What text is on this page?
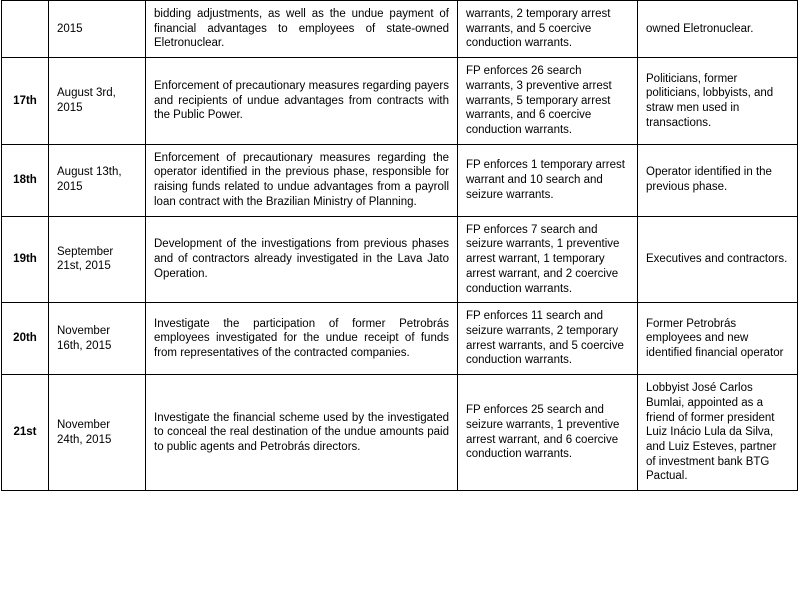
	2015	bidding adjustments, as well as the undue payment of financial advantages to employees of state-owned Eletronuclear.	warrants, 2 temporary arrest warrants, and 5 coercive conduction warrants.	owned Eletronuclear.
17th	August 3rd, 2015	Enforcement of precautionary measures regarding payers and recipients of undue advantages from contracts with the Public Power.	FP enforces 26 search warrants, 3 preventive arrest warrants, 5 temporary arrest warrants, and 6 coercive conduction warrants.	Politicians, former politicians, lobbyists, and straw men used in transactions.
18th	August 13th, 2015	Enforcement of precautionary measures regarding the operator identified in the previous phase, responsible for raising funds related to undue advantages from a payroll loan contract with the Brazilian Ministry of Planning.	FP enforces 1 temporary arrest warrant and 10 search and seizure warrants.	Operator identified in the previous phase.
19th	September 21st, 2015	Development of the investigations from previous phases and of contractors already investigated in the Lava Jato Operation.	FP enforces 7 search and seizure warrants, 1 preventive arrest warrant, 1 temporary arrest warrant, and 2 coercive conduction warrants.	Executives and contractors.
20th	November 16th, 2015	Investigate the participation of former Petrobrás employees investigated for the undue receipt of funds from representatives of the contracted companies.	FP enforces 11 search and seizure warrants, 2 temporary arrest warrants, and 5 coercive conduction warrants.	Former Petrobrás employees and new identified financial operator
21st	November 24th, 2015	Investigate the financial scheme used by the investigated to conceal the real destination of the undue amounts paid to public agents and Petrobrás directors.	FP enforces 25 search and seizure warrants, 1 preventive arrest warrant, and 6 coercive conduction warrants.	Lobbyist José Carlos Bumlai, appointed as a friend of former president Luiz Inácio Lula da Silva, and Luiz Esteves, partner of investment bank BTG Pactual.
